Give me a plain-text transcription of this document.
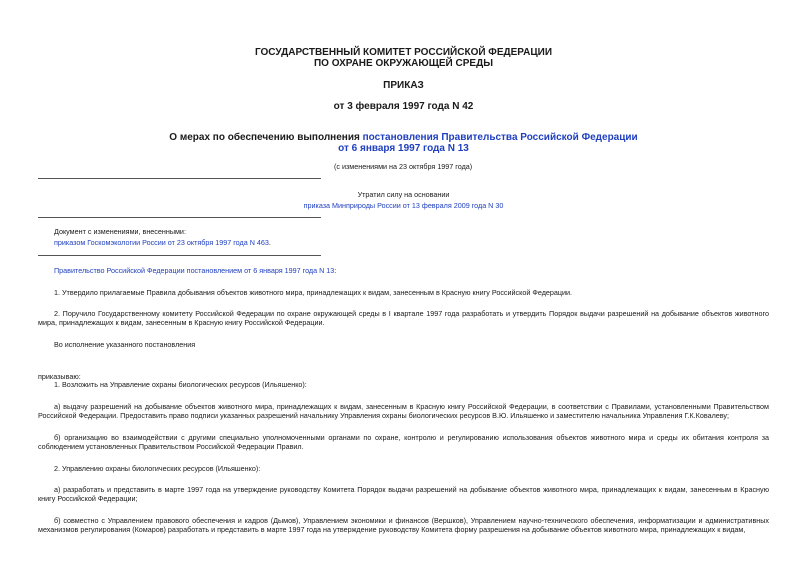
ГОСУДАРСТВЕННЫЙ КОМИТЕТ РОССИЙСКОЙ ФЕДЕРАЦИИ
ПО ОХРАНЕ ОКРУЖАЮЩЕЙ СРЕДЫ
ПРИКАЗ
от 3 февраля 1997 года N 42
О мерах по обеспечению выполнения постановления Правительства Российской Федерации
от 6 января 1997 года N 13
(с изменениями на 23 октября 1997 года)
Утратил силу на основании
приказа Минприроды России от 13 февраля 2009 года N 30
Документ с изменениями, внесенными:
приказом Госкомэкологии России от 23 октября 1997 года N 463.
Правительство Российской Федерации постановлением от 6 января 1997 года N 13:
1. Утвердило прилагаемые Правила добывания объектов животного мира, принадлежащих к видам, занесенным в Красную книгу Российской Федерации.
2. Поручило Государственному комитету Российской Федерации по охране окружающей среды в I квартале 1997 года разработать и утвердить Порядок выдачи разрешений на добывание объектов животного мира, принадлежащих к видам, занесенным в Красную книгу Российской Федерации.
Во исполнение указанного постановления
приказываю:
1. Возложить на Управление охраны биологических ресурсов (Ильяшенко):
а) выдачу разрешений на добывание объектов животного мира, принадлежащих к видам, занесенным в Красную книгу Российской Федерации, в соответствии с Правилами, установленными Правительством Российской Федерации. Предоставить право подписи указанных разрешений начальнику Управления охраны биологических ресурсов В.Ю. Ильяшенко и заместителю начальника Управления Г.К.Ковалеву;
б) организацию во взаимодействии с другими специально уполномоченными органами по охране, контролю и регулированию использования объектов животного мира и среды их обитания контроля за соблюдением установленных Правительством Российской Федерации Правил.
2. Управлению охраны биологических ресурсов (Ильяшенко):
а) разработать и представить в марте 1997 года на утверждение руководству Комитета Порядок выдачи разрешений на добывание объектов животного мира, принадлежащих к видам, занесенным в Красную книгу Российской Федерации;
б) совместно с Управлением правового обеспечения и кадров (Дымов), Управлением экономики и финансов (Вершков), Управлением научно-технического обеспечения, информатизации и административных механизмов регулирования (Комаров) разработать и представить в марте 1997 года на утверждение руководству Комитета форму разрешения на добывание объектов животного мира, принадлежащих к видам,
